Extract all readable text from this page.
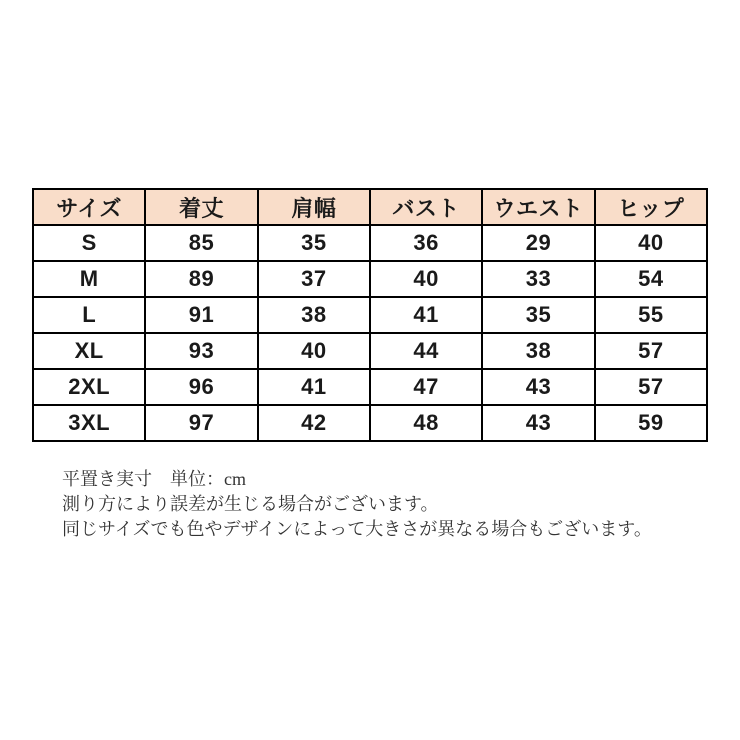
サイズ	着丈	肩幅	バスト	ウエスト	ヒップ
S	85	35	36	29	40
M	89	37	40	33	54
L	91	38	41	35	55
XL	93	40	44	38	57
2XL	96	41	47	43	57
3XL	97	42	48	43	59
平置き実寸　単位：cm
測り方により誤差が生じる場合がございます。
同じサイズでも色やデザインによって大きさが異なる場合もございます。
